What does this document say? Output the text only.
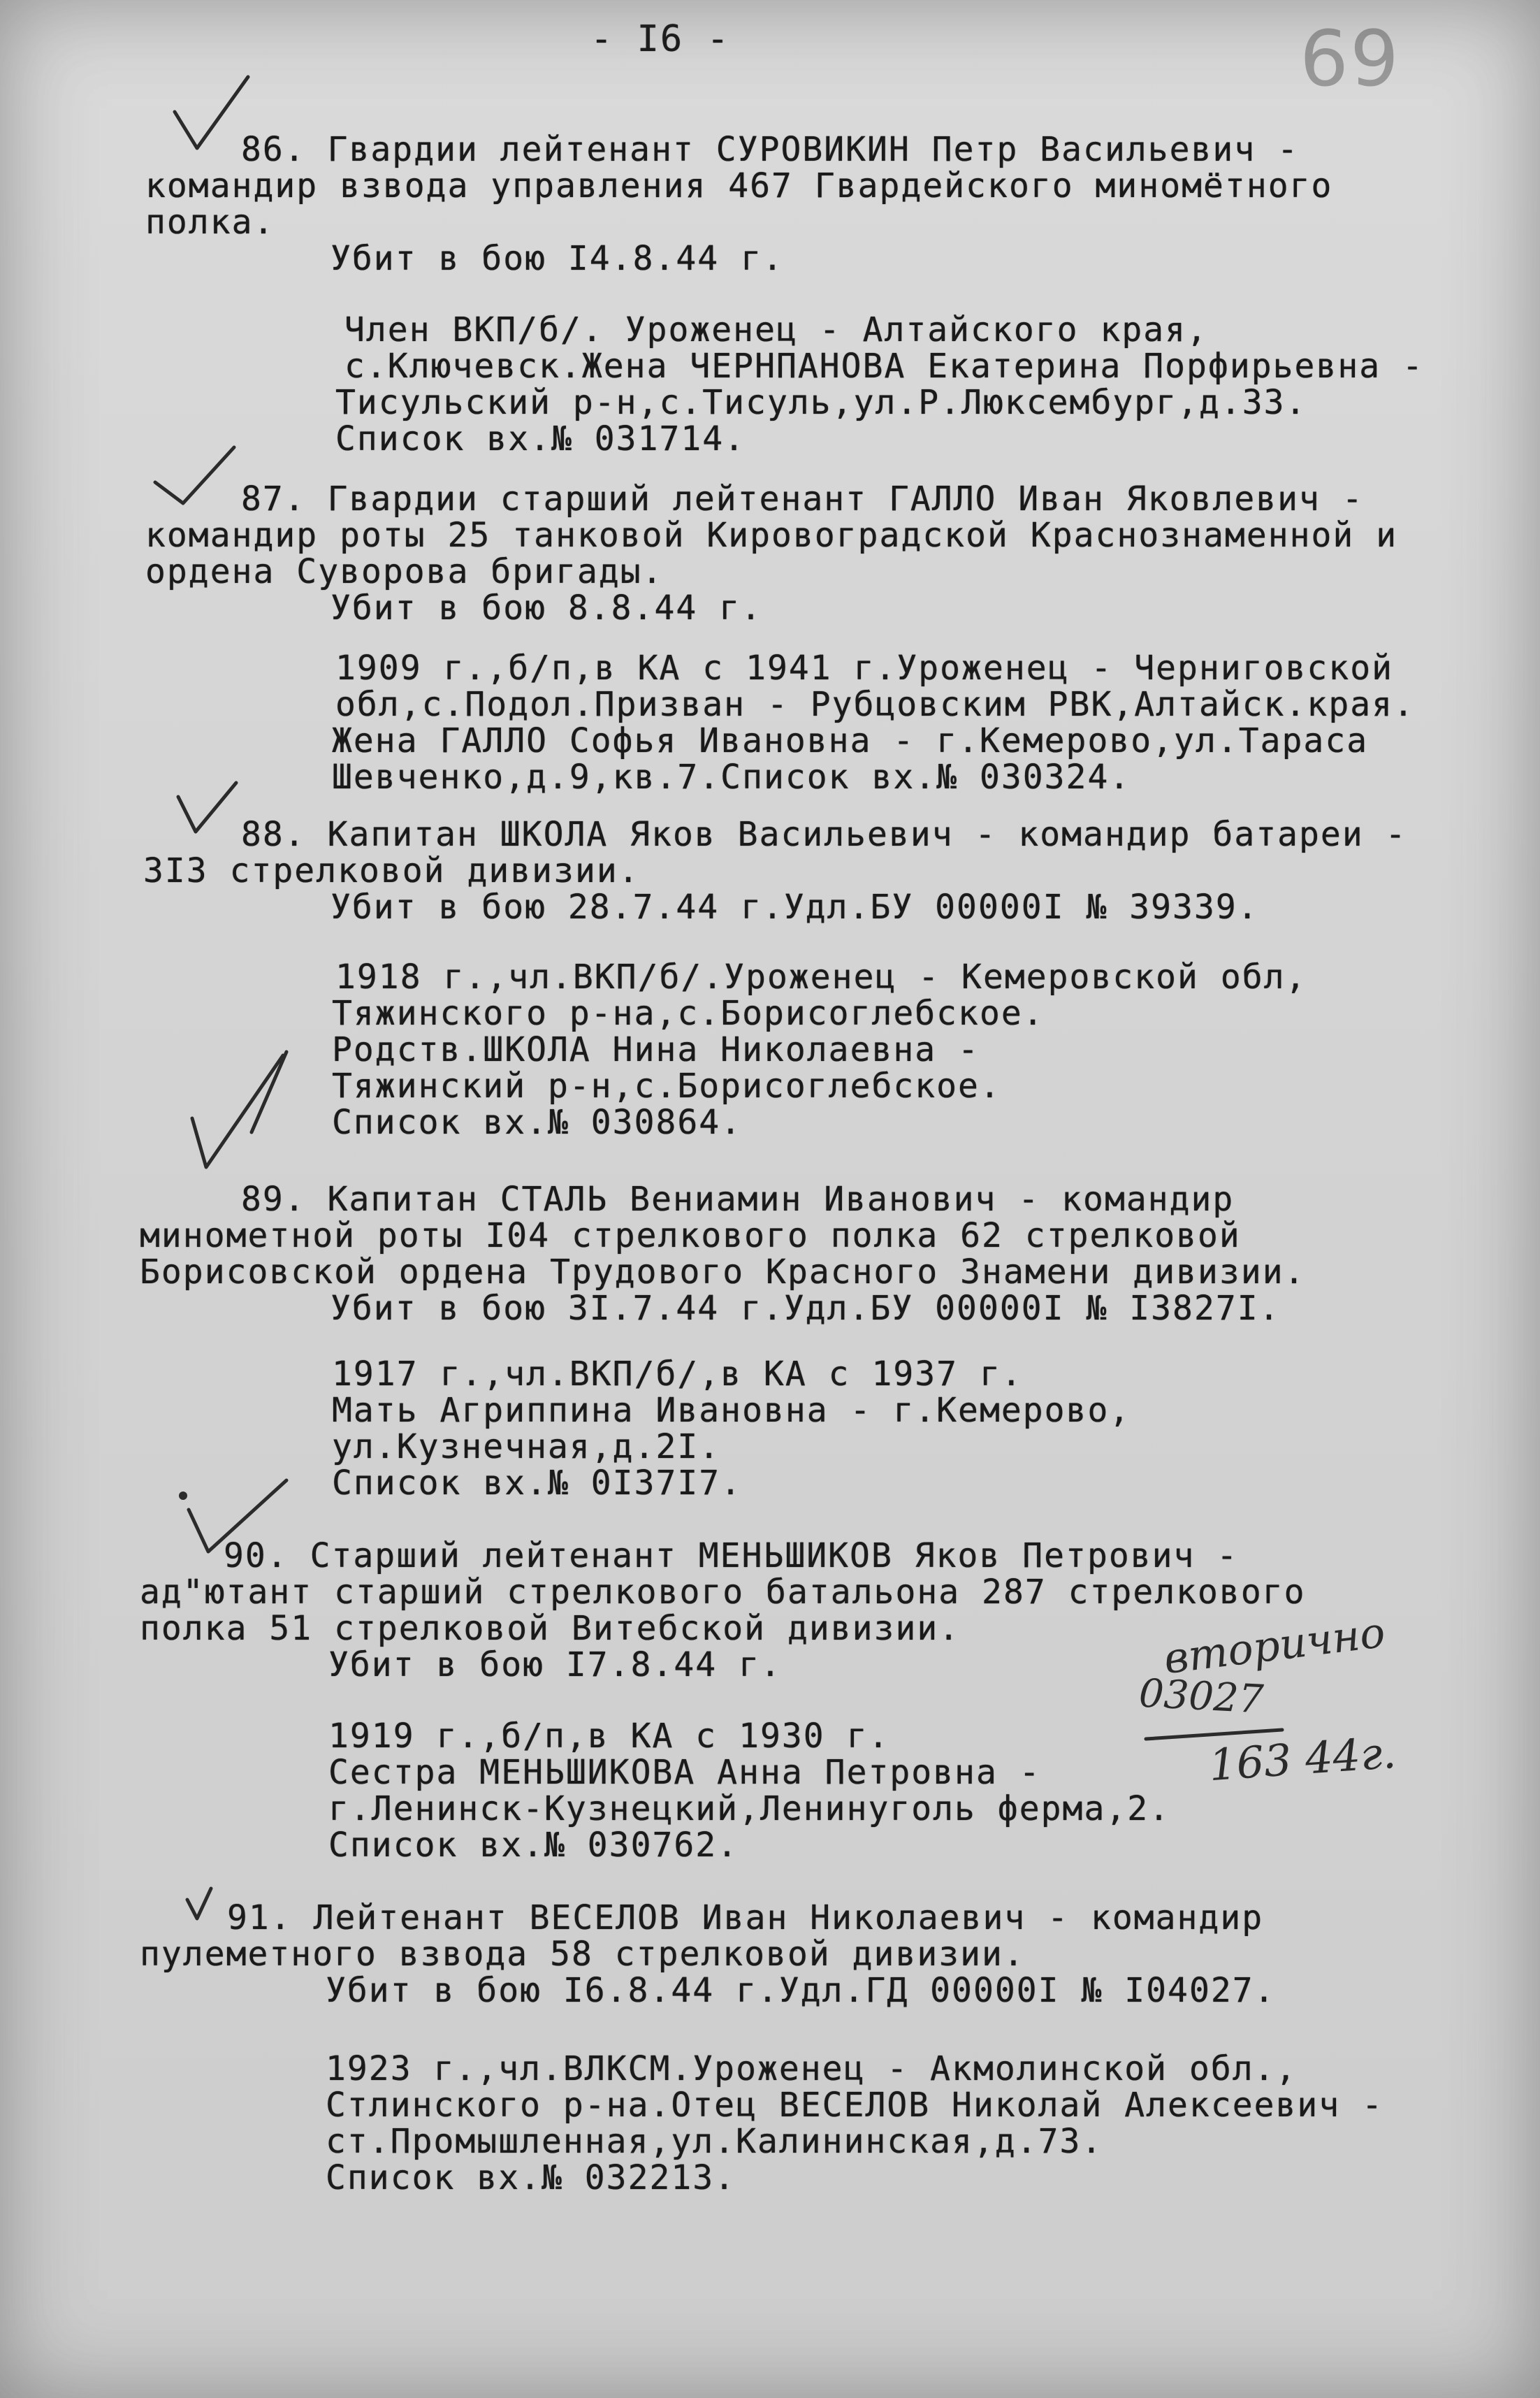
- I6 -	69
86. Гвардии лейтенант СУРОВИКИН Петр Васильевич -
командир взвода управления 467 Гвардейского миномётного
полка.
Убит в бою I4.8.44 г.
Член ВКП/б/. Уроженец - Алтайского края,
с.Ключевск.Жена ЧЕРНПАНОВА Екатерина Порфирьевна -
Тисульский р-н,с.Тисуль,ул.Р.Люксембург,д.33.
Список вх.№ 031714.
87. Гвардии старший лейтенант ГАЛЛО Иван Яковлевич -
командир роты 25 танковой Кировоградской Краснознаменной и
ордена Суворова бригады.
Убит в бою 8.8.44 г.
1909 г.,б/п,в КА с 1941 г.Уроженец - Черниговской
обл,с.Подол.Призван - Рубцовским РВК,Алтайск.края.
Жена ГАЛЛО Софья Ивановна - г.Кемерово,ул.Тараса
Шевченко,д.9,кв.7.Список вх.№ 030324.
88. Капитан ШКОЛА Яков Васильевич - командир батареи -
3I3 стрелковой дивизии.
Убит в бою 28.7.44 г.Удл.БУ 00000I № 39339.
1918 г.,чл.ВКП/б/.Уроженец - Кемеровской обл,
Тяжинского р-на,с.Борисоглебское.
Родств.ШКОЛА Нина Николаевна -
Тяжинский р-н,с.Борисоглебское.
Список вх.№ 030864.
89. Капитан СТАЛЬ Вениамин Иванович - командир
минометной роты I04 стрелкового полка 62 стрелковой
Борисовской ордена Трудового Красного Знамени дивизии.
Убит в бою 3I.7.44 г.Удл.БУ 00000I № I3827I.
1917 г.,чл.ВКП/б/,в КА с 1937 г.
Мать Агриппина Ивановна - г.Кемерово,
ул.Кузнечная,д.2I.
Список вх.№ 0I37I7.
90. Старший лейтенант МЕНЬШИКОВ Яков Петрович -
ад"ютант старший стрелкового батальона 287 стрелкового
полка 51 стрелковой Витебской дивизии.
Убит в бою I7.8.44 г.
1919 г.,б/п,в КА с 1930 г.
Сестра МЕНЬШИКОВА Анна Петровна -
г.Ленинск-Кузнецкий,Ленинуголь ферма,2.
Список вх.№ 030762.
91. Лейтенант ВЕСЕЛОВ Иван Николаевич - командир
пулеметного взвода 58 стрелковой дивизии.
Убит в бою I6.8.44 г.Удл.ГД 00000I № I04027.
1923 г.,чл.ВЛКСМ.Уроженец - Акмолинской обл.,
Стлинского р-на.Отец ВЕСЕЛОВ Николай Алексеевич -
ст.Промышленная,ул.Калининская,д.73.
Список вх.№ 032213.
вторично
03027
163 44г.
